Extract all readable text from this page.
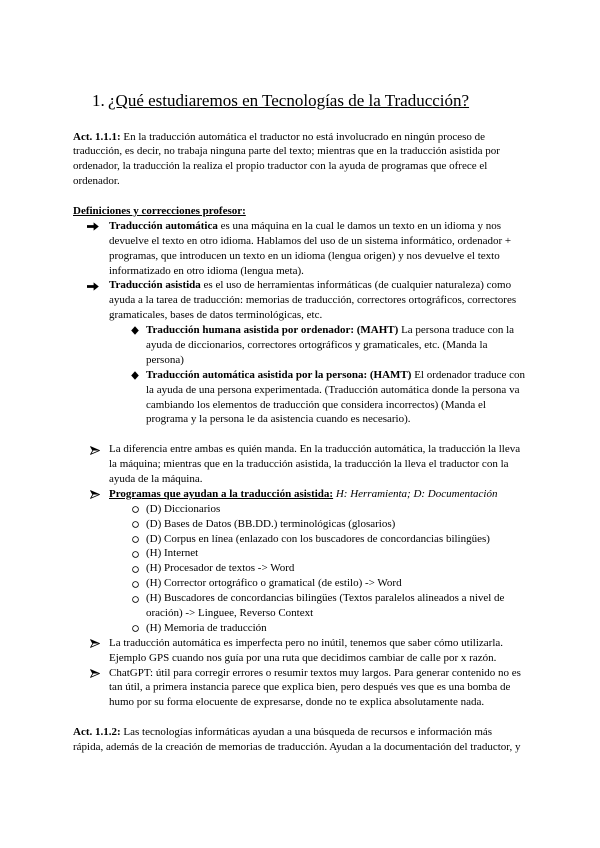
1. ¿Qué estudiaremos en Tecnologías de la Traducción?
Act. 1.1.1: En la traducción automática el traductor no está involucrado en ningún proceso de
traducción, es decir, no trabaja ninguna parte del texto; mientras que en la traducción asistida por
ordenador, la traducción la realiza el propio traductor con la ayuda de programas que ofrece el
ordenador.
Definiciones y correcciones profesor:
Traducción automática es una máquina en la cual le damos un texto en un idioma y nos
devuelve el texto en otro idioma. Hablamos del uso de un sistema informático, ordenador +
programas, que introducen un texto en un idioma (lengua origen) y nos devuelve el texto
informatizado en otro idioma (lengua meta).
Traducción asistida es el uso de herramientas informáticas (de cualquier naturaleza) como
ayuda a la tarea de traducción: memorias de traducción, correctores ortográficos, correctores
gramaticales, bases de datos terminológicas, etc.
Traducción humana asistida por ordenador: (MAHT) La persona traduce con la
ayuda de diccionarios, correctores ortográficos y gramaticales, etc. (Manda la
persona)
Traducción automática asistida por la persona: (HAMT) El ordenador traduce con
la ayuda de una persona experimentada. (Traducción automática donde la persona va
cambiando los elementos de traducción que considera incorrectos) (Manda el
programa y la persona le da asistencia cuando es necesario).
La diferencia entre ambas es quién manda. En la traducción automática, la traducción la lleva
la máquina; mientras que en la traducción asistida, la traducción la lleva el traductor con la
ayuda de la máquina.
Programas que ayudan a la traducción asistida: H: Herramienta; D: Documentación
(D) Diccionarios
(D) Bases de Datos (BB.DD.) terminológicas (glosarios)
(D) Corpus en línea (enlazado con los buscadores de concordancias bilingües)
(H) Internet
(H) Procesador de textos -> Word
(H) Corrector ortográfico o gramatical (de estilo) -> Word
(H) Buscadores de concordancias bilingües (Textos paralelos alineados a nivel de
oración) -> Linguee, Reverso Context
(H) Memoria de traducción
La traducción automática es imperfecta pero no inútil, tenemos que saber cómo utilizarla.
Ejemplo GPS cuando nos guía por una ruta que decidimos cambiar de calle por x razón.
ChatGPT: útil para corregir errores o resumir textos muy largos. Para generar contenido no es
tan útil, a primera instancia parece que explica bien, pero después ves que es una bomba de
humo por su forma elocuente de expresarse, donde no te explica absolutamente nada.
Act. 1.1.2: Las tecnologías informáticas ayudan a una búsqueda de recursos e información más
rápida, además de la creación de memorias de traducción. Ayudan a la documentación del traductor, y
